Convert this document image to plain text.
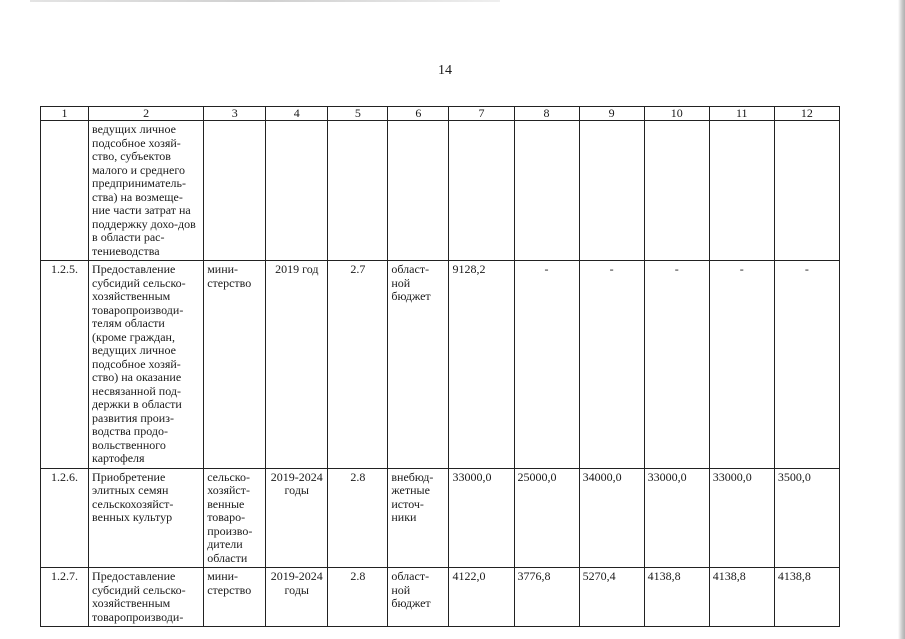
14
1	2	3	4	5	6	7	8	9	10	11	12
	ведущих личное подсобное хозяй-ство, субъектов малого и среднего предприниматель-ства) на возмеще-ние части затрат на поддержку дохо-дов в области рас-тениеводства										
1.2.5.	Предоставление субсидий сельско-хозяйственным товаропроизводи-телям области (кроме граждан, ведущих личное подсобное хозяй-ство) на оказание несвязанной под-держки в области развития произ-водства продо-вольственного картофеля	мини-стерство	2019 год	2.7	област-ной бюджет	9128,2	-	-	-	-	-
1.2.6.	Приобретение элитных семян сельскохозяйст-венных культур	сельско-хозяйст-венные товаро-произво-дители области	2019-2024 годы	2.8	внебюд-жетные источ-ники	33000,0	25000,0	34000,0	33000,0	33000,0	3500,0
1.2.7.	Предоставление субсидий сельско-хозяйственным товаропроизводи-	мини-стерство	2019-2024 годы	2.8	област-ной бюджет	4122,0	3776,8	5270,4	4138,8	4138,8	4138,8
